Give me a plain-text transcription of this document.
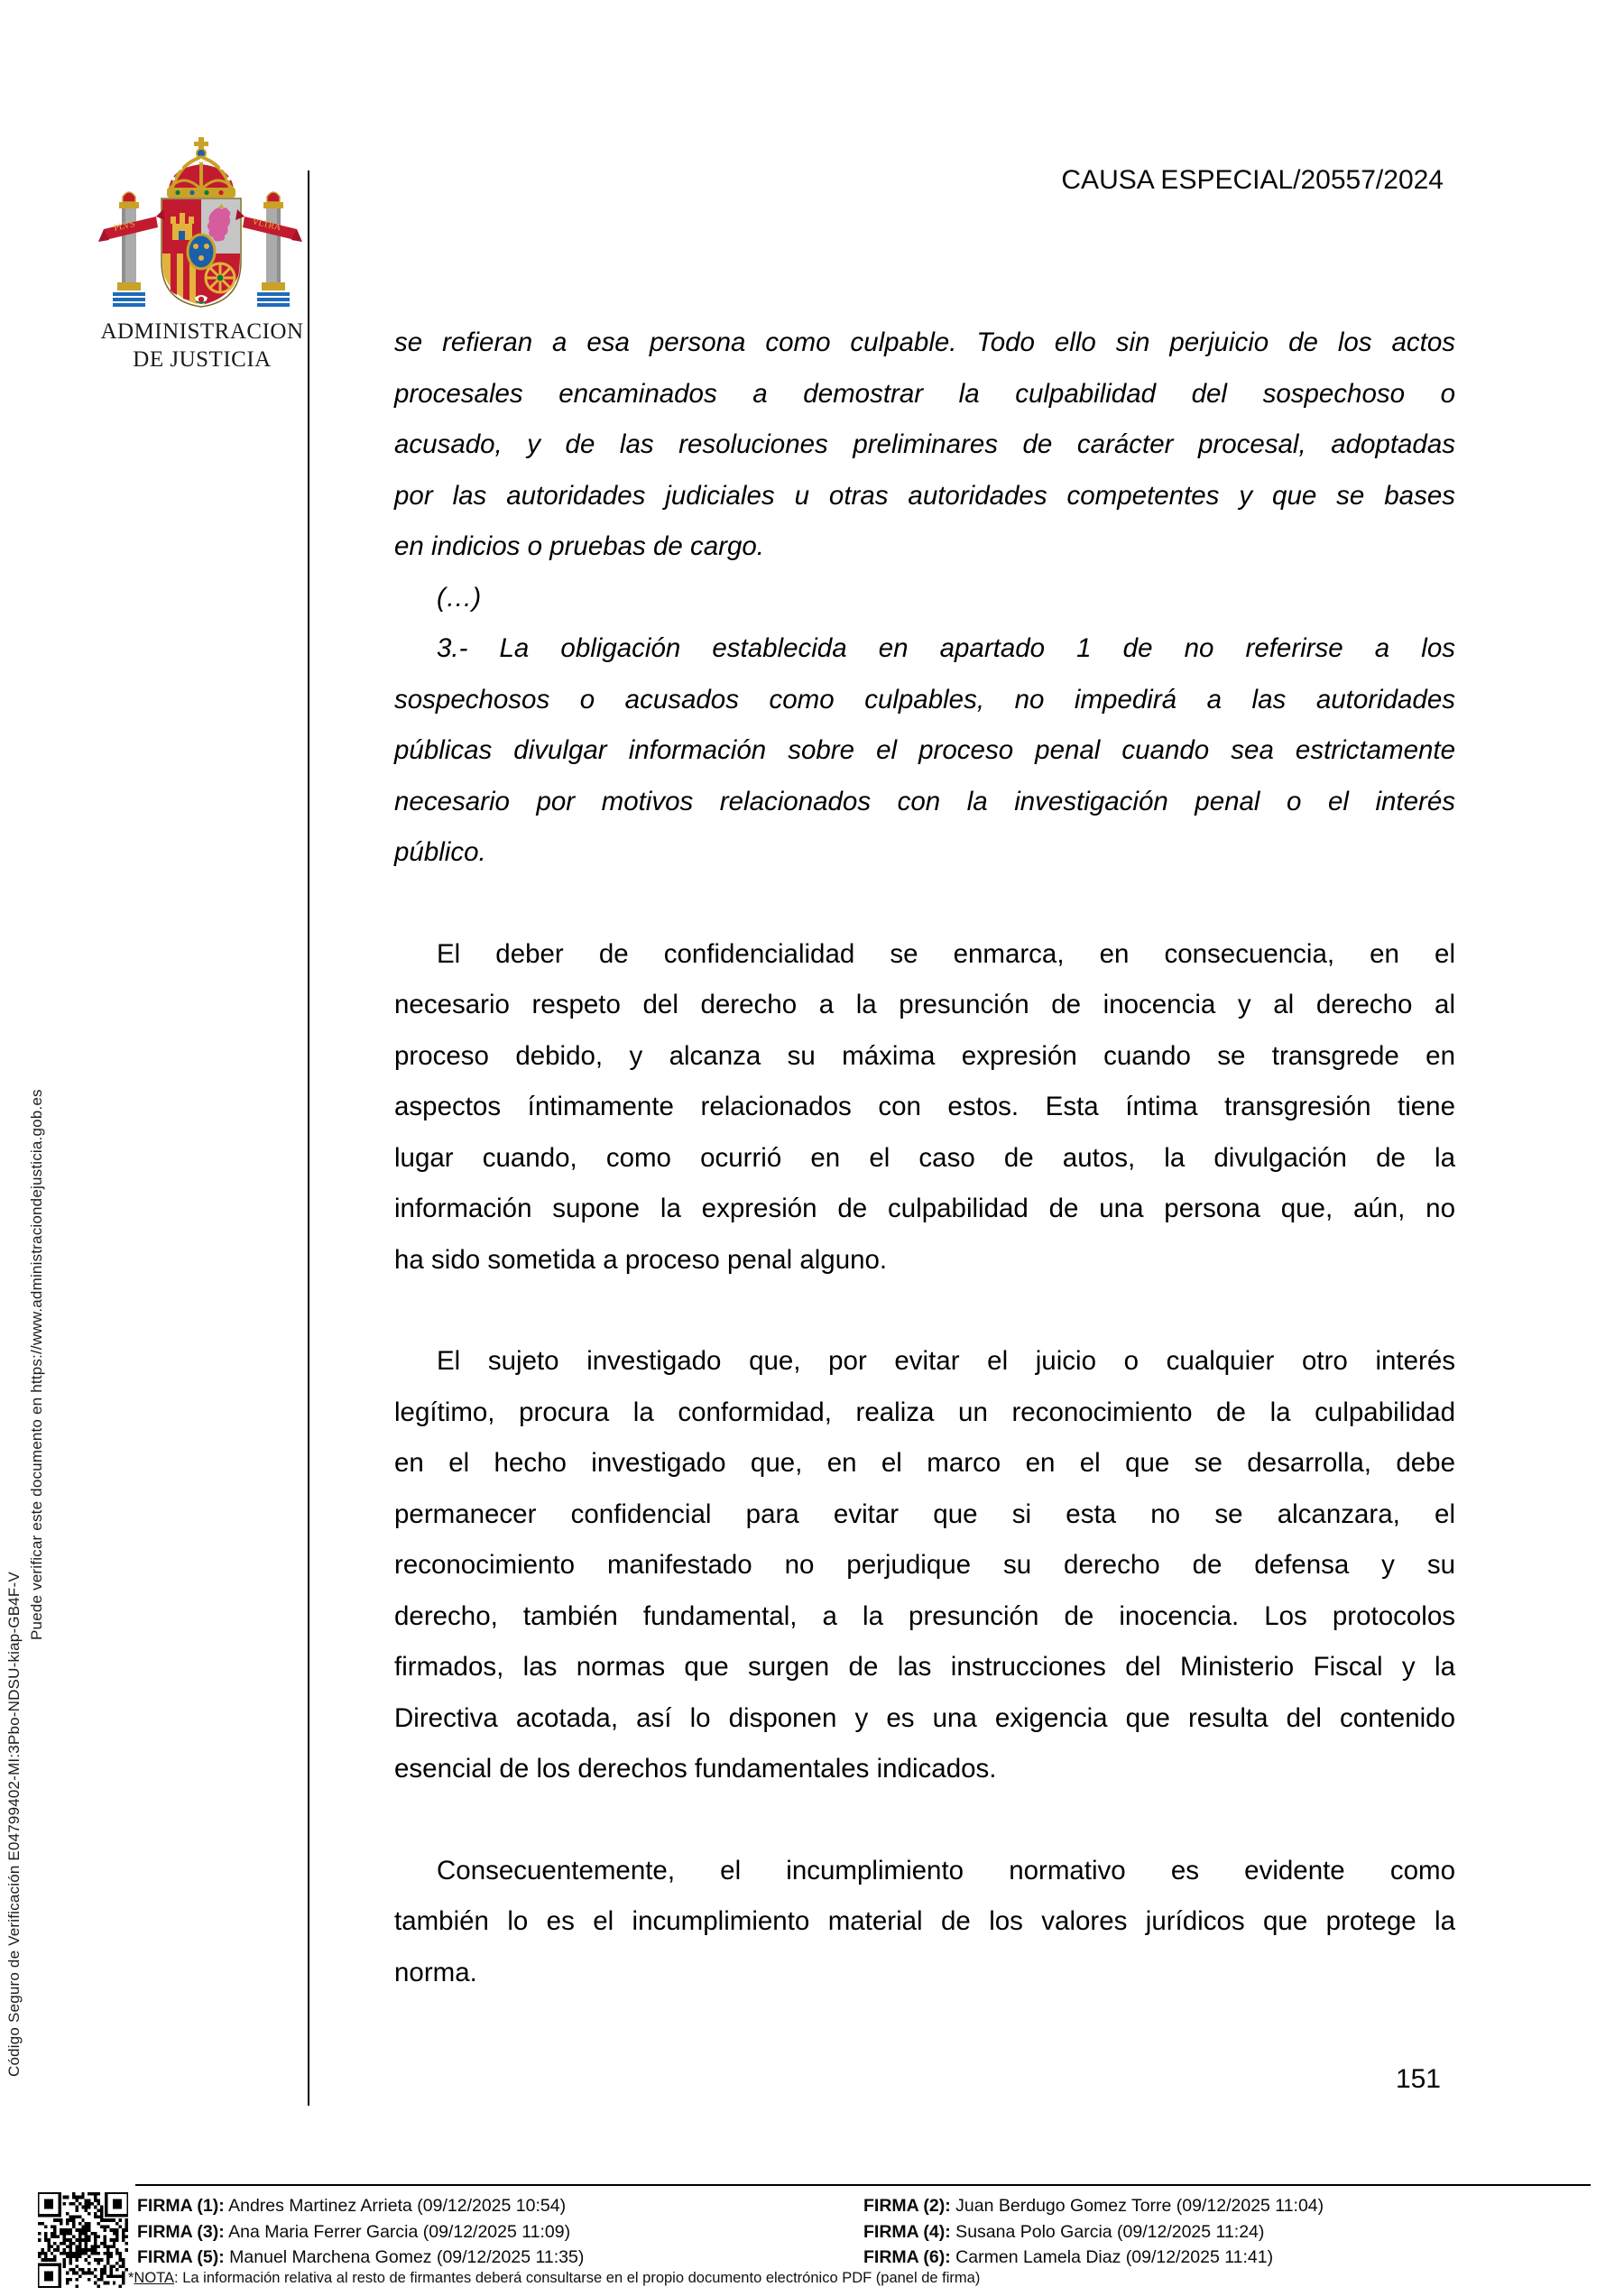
Código Seguro de Verificación E04799402-MI:3Pbo-NDSU-kiap-GB4F-V
Puede verificar este documento en https://www.administraciondejusticia.gob.es
PLVS	VLTRA
ADMINISTRACION
DE JUSTICIA
CAUSA ESPECIAL/20557/2024
se refieran a esa persona como culpable. Todo ello sin perjuicio de los actos
procesales encaminados a demostrar la culpabilidad del sospechoso o
acusado, y de las resoluciones preliminares de carácter procesal, adoptadas
por las autoridades judiciales u otras autoridades competentes y que se bases
en indicios o pruebas de cargo.
(…)
3.- La obligación establecida en apartado 1 de no referirse a los
sospechosos o acusados como culpables, no impedirá a las autoridades
públicas divulgar información sobre el proceso penal cuando sea estrictamente
necesario por motivos relacionados con la investigación penal o el interés
público.
El deber de confidencialidad se enmarca, en consecuencia, en el
necesario respeto del derecho a la presunción de inocencia y al derecho al
proceso debido, y alcanza su máxima expresión cuando se transgrede en
aspectos íntimamente relacionados con estos. Esta íntima transgresión tiene
lugar cuando, como ocurrió en el caso de autos, la divulgación de la
información supone la expresión de culpabilidad de una persona que, aún, no
ha sido sometida a proceso penal alguno.
El sujeto investigado que, por evitar el juicio o cualquier otro interés
legítimo, procura la conformidad, realiza un reconocimiento de la culpabilidad
en el hecho investigado que, en el marco en el que se desarrolla, debe
permanecer confidencial para evitar que si esta no se alcanzara, el
reconocimiento manifestado no perjudique su derecho de defensa y su
derecho, también fundamental, a la presunción de inocencia. Los protocolos
firmados, las normas que surgen de las instrucciones del Ministerio Fiscal y la
Directiva acotada, así lo disponen y es una exigencia que resulta del contenido
esencial de los derechos fundamentales indicados.
Consecuentemente, el incumplimiento normativo es evidente como
también lo es el incumplimiento material de los valores jurídicos que protege la
norma.
151
FIRMA (1): Andres Martinez Arrieta (09/12/2025 10:54)	FIRMA (2): Juan Berdugo Gomez Torre (09/12/2025 11:04)
FIRMA (3): Ana Maria Ferrer Garcia (09/12/2025 11:09)	FIRMA (4): Susana Polo Garcia (09/12/2025 11:24)
FIRMA (5): Manuel Marchena Gomez (09/12/2025 11:35)	FIRMA (6): Carmen Lamela Diaz (09/12/2025 11:41)
*NOTA: La información relativa al resto de firmantes deberá consultarse en el propio documento electrónico PDF (panel de firma)
